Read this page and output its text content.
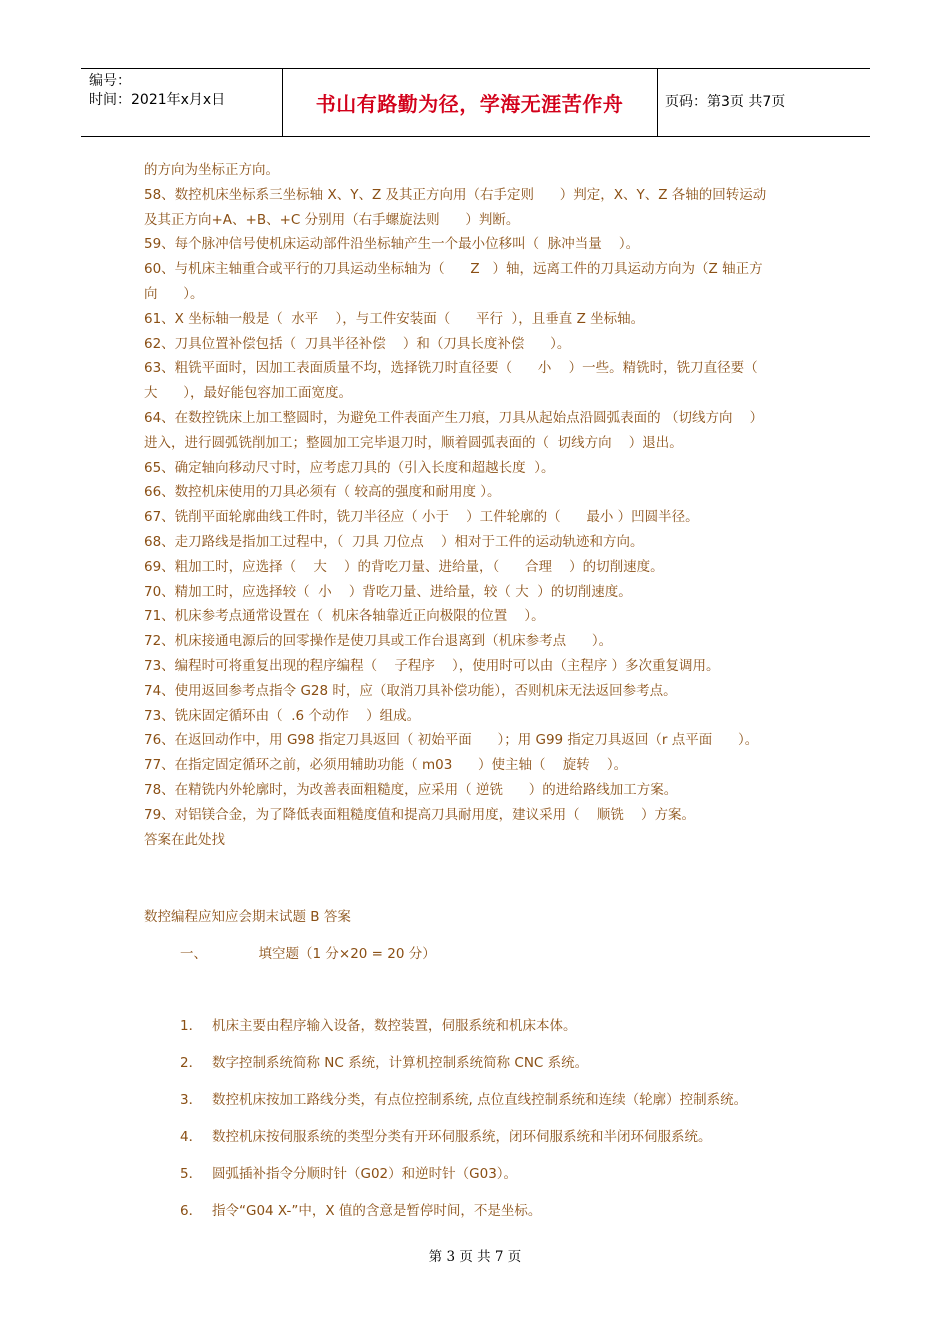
编号：
时间：2021年x月x日	书山有路勤为径，学海无涯苦作舟	页码：第3页 共7页

的方向为坐标正方向。

58、数控机床坐标系三坐标轴 X、Y、Z 及其正方向用（右手定则      ）判定，X、Y、Z 各轴的回转运动

及其正方向+A、+B、+C 分别用（右手螺旋法则      ）判断。

59、每个脉冲信号使机床运动部件沿坐标轴产生一个最小位移叫（  脉冲当量    ）。

60、与机床主轴重合或平行的刀具运动坐标轴为（      Z   ）轴，远离工件的刀具运动方向为（Z 轴正方

向      ）。

61、X 坐标轴一般是（  水平    ），与工件安装面（      平行  ），且垂直 Z 坐标轴。

62、刀具位置补偿包括（  刀具半径补偿    ）和（刀具长度补偿      ）。

63、粗铣平面时，因加工表面质量不均，选择铣刀时直径要（      小    ）一些。精铣时，铣刀直径要（

大      ），最好能包容加工面宽度。

64、在数控铣床上加工整圆时，为避免工件表面产生刀痕，刀具从起始点沿圆弧表面的 （切线方向    ）

进入，进行圆弧铣削加工；整圆加工完毕退刀时，顺着圆弧表面的（  切线方向    ）退出。

65、确定轴向移动尺寸时，应考虑刀具的（引入长度和超越长度  ）。

66、数控机床使用的刀具必须有（ 较高的强度和耐用度 ）。

67、铣削平面轮廓曲线工件时，铣刀半径应（ 小于    ）工件轮廓的（      最小 ）凹圆半径。

68、走刀路线是指加工过程中，（  刀具 刀位点    ）相对于工件的运动轨迹和方向。

69、粗加工时，应选择（    大    ）的背吃刀量、进给量，（      合理    ）的切削速度。

70、精加工时，应选择较（  小    ）背吃刀量、进给量，较（ 大  ）的切削速度。

71、机床参考点通常设置在（  机床各轴靠近正向极限的位置    ）。

72、机床接通电源后的回零操作是使刀具或工作台退离到（机床参考点      ）。

73、编程时可将重复出现的程序编程（    子程序    ），使用时可以由（主程序 ）多次重复调用。

74、使用返回参考点指令 G28 时，应（取消刀具补偿功能），否则机床无法返回参考点。

73、铣床固定循环由（  .6 个动作    ）组成。

76、在返回动作中，用 G98 指定刀具返回（ 初始平面      ）；用 G99 指定刀具返回（r 点平面      ）。

77、在指定固定循环之前，必须用辅助功能（ m03      ）使主轴（    旋转    ）。

78、在精铣内外轮廓时，为改善表面粗糙度，应采用（ 逆铣      ）的进给路线加工方案。

79、对铝镁合金，为了降低表面粗糙度值和提高刀具耐用度，建议采用（    顺铣    ）方案。

答案在此处找

数控编程应知应会期末试题 B 答案
一、	填空题（1 分×20 = 20 分）
1． 机床主要由程序输入设备，数控装置，伺服系统和机床本体。
2． 数字控制系统简称 NC 系统，计算机控制系统简称 CNC 系统。
3． 数控机床按加工路线分类，有点位控制系统, 点位直线控制系统和连续（轮廓）控制系统。
4． 数控机床按伺服系统的类型分类有开环伺服系统，闭环伺服系统和半闭环伺服系统。
5． 圆弧插补指令分顺时针（G02）和逆时针（G03）。
6． 指令“G04 X-”中，X 值的含意是暂停时间，不是坐标。
第 3 页 共 7 页
